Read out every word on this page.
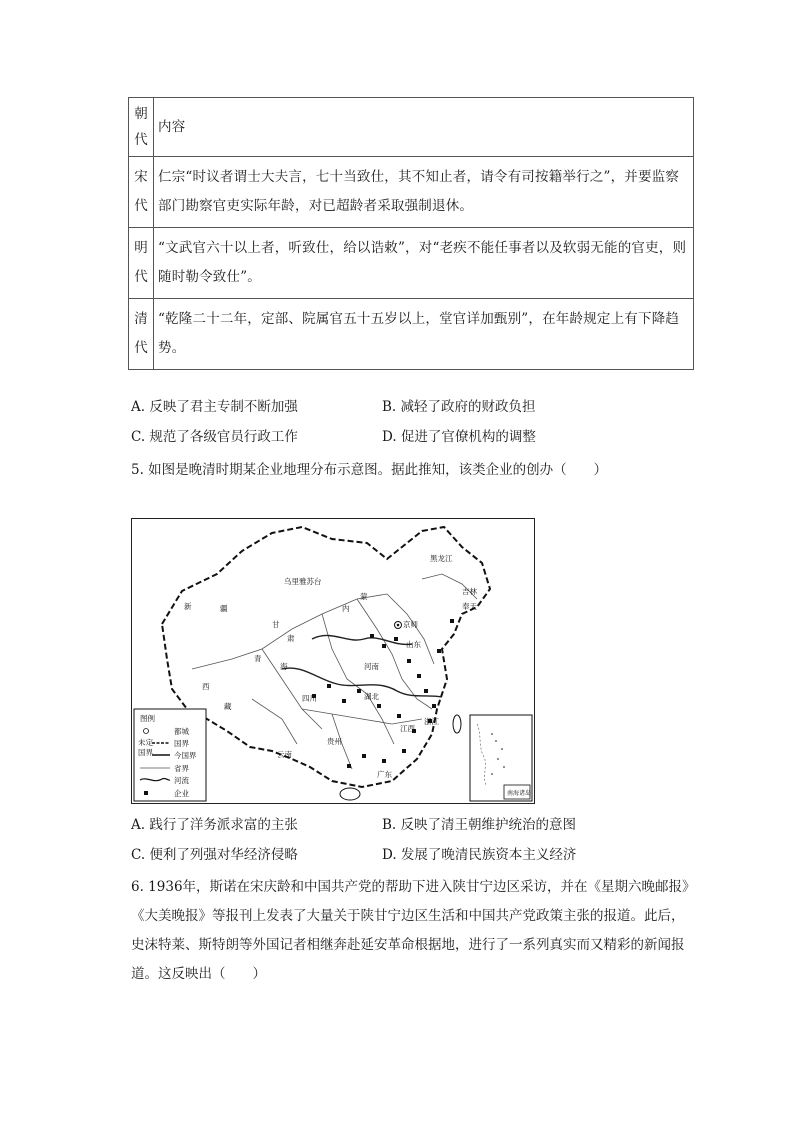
朝代	内容
宋代	仁宗“时议者谓士大夫言，七十当致仕，其不知止者，请令有司按籍举行之”，并要监察部门勘察官吏实际年龄，对已超龄者采取强制退休。
明代	“文武官六十以上者，听致仕，给以诰敕”，对“老疾不能任事者以及软弱无能的官吏，则随时勒令致仕”。
清代	“乾隆二十二年，定部、院属官五十五岁以上，堂官详加甄别”，在年龄规定上有下降趋势。
A. 反映了君主专制不断加强	B. 减轻了政府的财政负担
C. 规范了各级官员行政工作	D. 促进了官僚机构的调整
5. 如图是晚清时期某企业地理分布示意图。据此推知，该类企业的创办（　　）
黑龙江
乌里雅苏台
吉林
奉天
新	疆
甘
肃
蒙
内
京师
山东
青
海
西
藏
四川
河南
湖北
江西
浙江
云南
贵州
广东
图例
都城
未定	国界
国界	今国界
省界
河流
企业	南海诸岛
A. 践行了洋务派求富的主张	B. 反映了清王朝维护统治的意图
C. 便利了列强对华经济侵略	D. 发展了晚清民族资本主义经济
6. 1936年，斯诺在宋庆龄和中国共产党的帮助下进入陕甘宁边区采访，并在《星期六晚邮报》《大美晚报》等报刊上发表了大量关于陕甘宁边区生活和中国共产党政策主张的报道。此后，史沫特莱、斯特朗等外国记者相继奔赴延安革命根据地，进行了一系列真实而又精彩的新闻报道。这反映出（　　）
